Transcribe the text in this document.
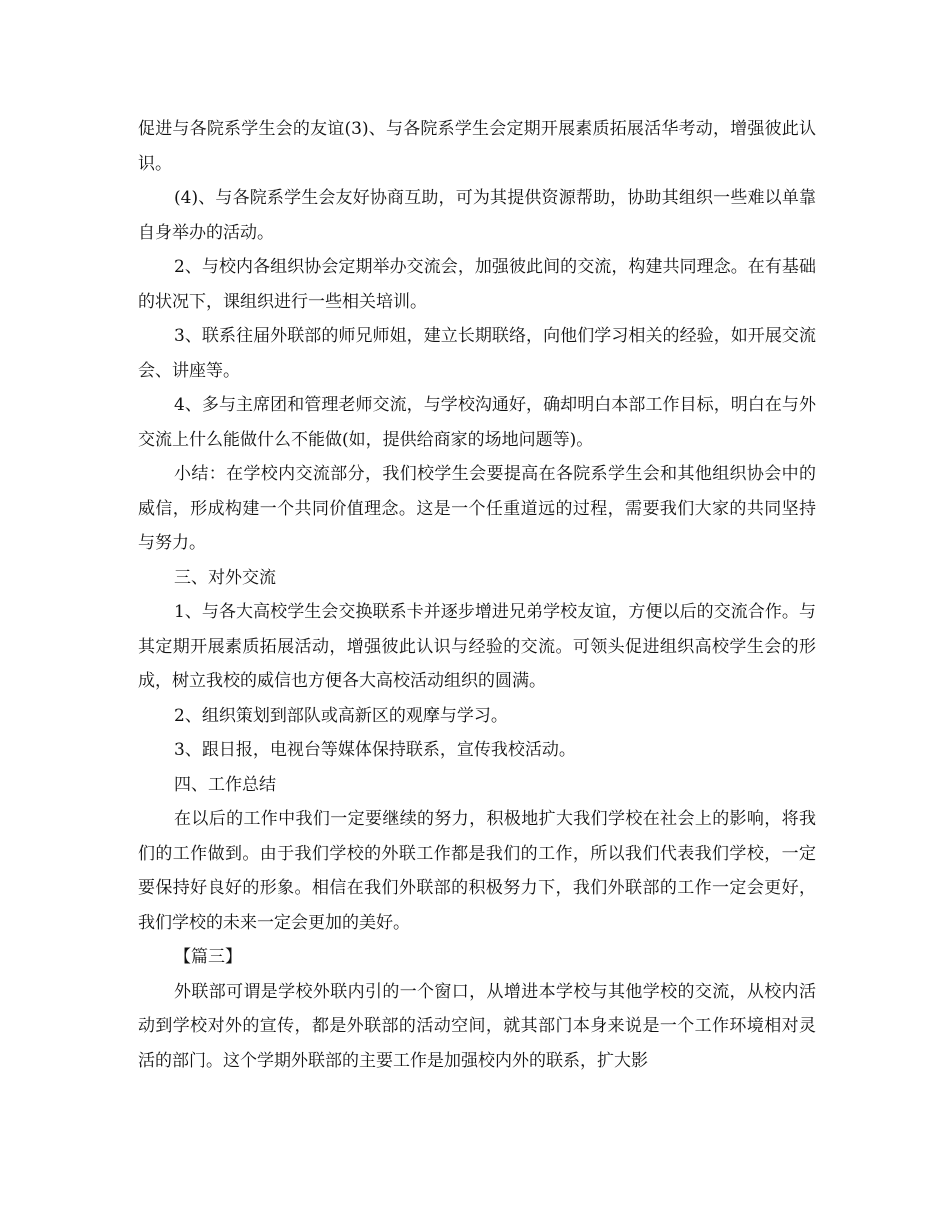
促进与各院系学生会的友谊(3)、与各院系学生会定期开展素质拓展活华考动，增强彼此认识。

(4)、与各院系学生会友好协商互助，可为其提供资源帮助，协助其组织一些难以单靠自身举办的活动。

2、与校内各组织协会定期举办交流会，加强彼此间的交流，构建共同理念。在有基础的状况下，课组织进行一些相关培训。

3、联系往届外联部的师兄师姐，建立长期联络，向他们学习相关的经验，如开展交流会、讲座等。

4、多与主席团和管理老师交流，与学校沟通好，确却明白本部工作目标，明白在与外交流上什么能做什么不能做(如，提供给商家的场地问题等)。

小结：在学校内交流部分，我们校学生会要提高在各院系学生会和其他组织协会中的威信，形成构建一个共同价值理念。这是一个任重道远的过程，需要我们大家的共同坚持与努力。

三、对外交流

1、与各大高校学生会交换联系卡并逐步增进兄弟学校友谊，方便以后的交流合作。与其定期开展素质拓展活动，增强彼此认识与经验的交流。可领头促进组织高校学生会的形成，树立我校的威信也方便各大高校活动组织的圆满。

2、组织策划到部队或高新区的观摩与学习。

3、跟日报，电视台等媒体保持联系，宣传我校活动。

四、工作总结

在以后的工作中我们一定要继续的努力，积极地扩大我们学校在社会上的影响，将我们的工作做到。由于我们学校的外联工作都是我们的工作，所以我们代表我们学校，一定要保持好良好的形象。相信在我们外联部的积极努力下，我们外联部的工作一定会更好，我们学校的未来一定会更加的美好。

【篇三】

外联部可谓是学校外联内引的一个窗口，从增进本学校与其他学校的交流，从校内活动到学校对外的宣传，都是外联部的活动空间，就其部门本身来说是一个工作环境相对灵活的部门。这个学期外联部的主要工作是加强校内外的联系，扩大影
